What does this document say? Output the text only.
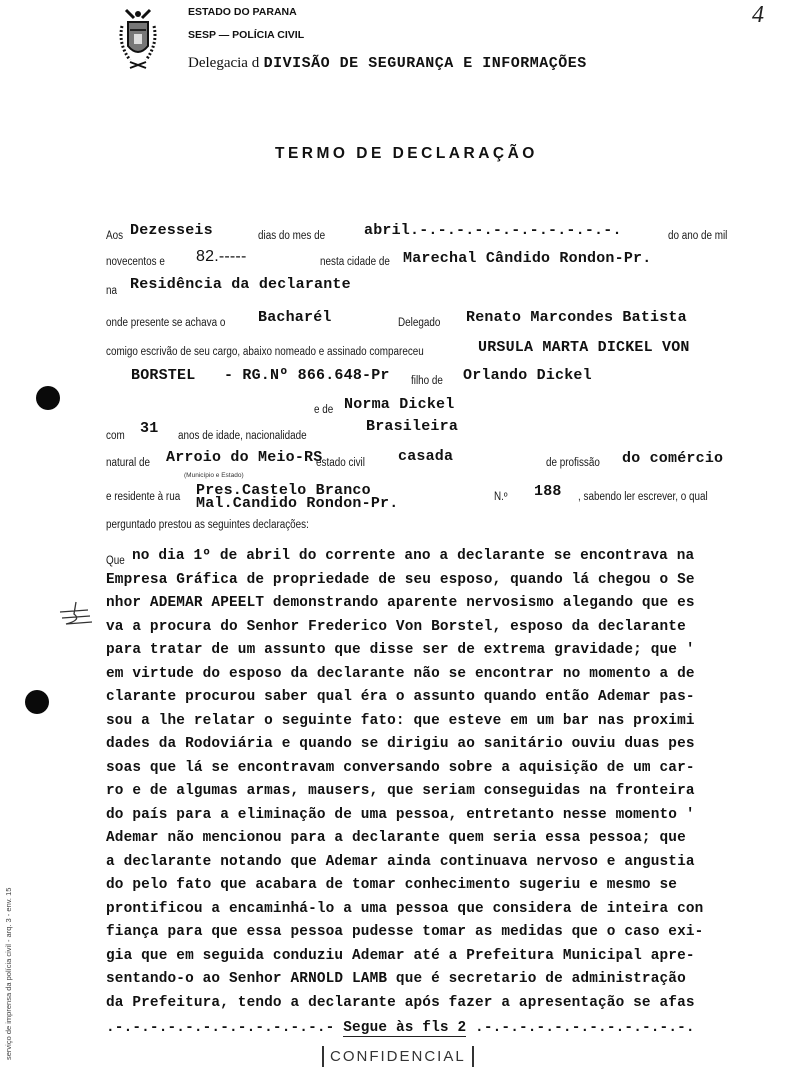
ESTADO DO PARANA
SESP — POLÍCIA CIVIL
Delegacia d DIVISÃO DE SEGURANÇA E INFORMAÇÕES
4
TERMO DE DECLARAÇÃO
Aos Dezesseis	dias do mes de	abril.-.-.-.-.-.-.-.-.-.-.-.	do ano de mil
novecentos e 82.-----	nesta cidade de Marechal Cândido Rondon-Pr.
na Residência da declarante
onde presente se achava o Bacharél	Delegado Renato Marcondes Batista
comigo escrivão de seu cargo, abaixo nomeado e assinado compareceu	URSULA MARTA DICKEL VON
BORSTEL - RG.Nº 866.648-Pr filho de Orlando Dickel
e de Norma Dickel
com 31 anos de idade, nacionalidade
Brasileira
natural de Arroio do Meio-RS
(Município e Estado)
estado civil casada	de profissão do comércio
e residente à rua Pres.Castelo Branco
Mal.Candido Rondon-Pr.	N.º 188 , sabendo ler escrever, o qual
perguntado prestou as seguintes declarações:
Que no dia 1º de abril do corrente ano a declarante se encontrava na
Empresa Gráfica de propriedade de seu esposo, quando lá chegou o Se
nhor ADEMAR APEELT demonstrando aparente nervosismo alegando que es
va a procura do Senhor Frederico Von Borstel, esposo da declarante
para tratar de um assunto que disse ser de extrema gravidade; que '
em virtude do esposo da declarante não se encontrar no momento a de
clarante procurou saber qual éra o assunto quando então Ademar pas-
sou a lhe relatar o seguinte fato: que esteve em um bar nas proximi
dades da Rodoviária e quando se dirigiu ao sanitário ouviu duas pes
soas que lá se encontravam conversando sobre a aquisição de um car-
ro e de algumas armas, mausers, que seriam conseguidas na fronteira
do país para a eliminação de uma pessoa, entretanto nesse momento '
Ademar não mencionou para a declarante quem seria essa pessoa; que
a declarante notando que Ademar ainda continuava nervoso e angustia
do pelo fato que acabara de tomar conhecimento sugeriu e mesmo se
prontificou a encaminhá-lo a uma pessoa que considera de inteira con
fiança para que essa pessoa pudesse tomar as medidas que o caso exi-
gia que em seguida conduziu Ademar até a Prefeitura Municipal apre-
sentando-o ao Senhor ARNOLD LAMB que é secretario de administração
da Prefeitura, tendo a declarante após fazer a apresentação se afas
.-.-.-.-.-.-.-.-.-.-.-.-.- Segue às fls 2 .-.-.-.-.-.-.-.-.-.-.-.-.
CONFIDENCIAL
serviço de imprensa da polícia civil - arq. 3 - env. 15
